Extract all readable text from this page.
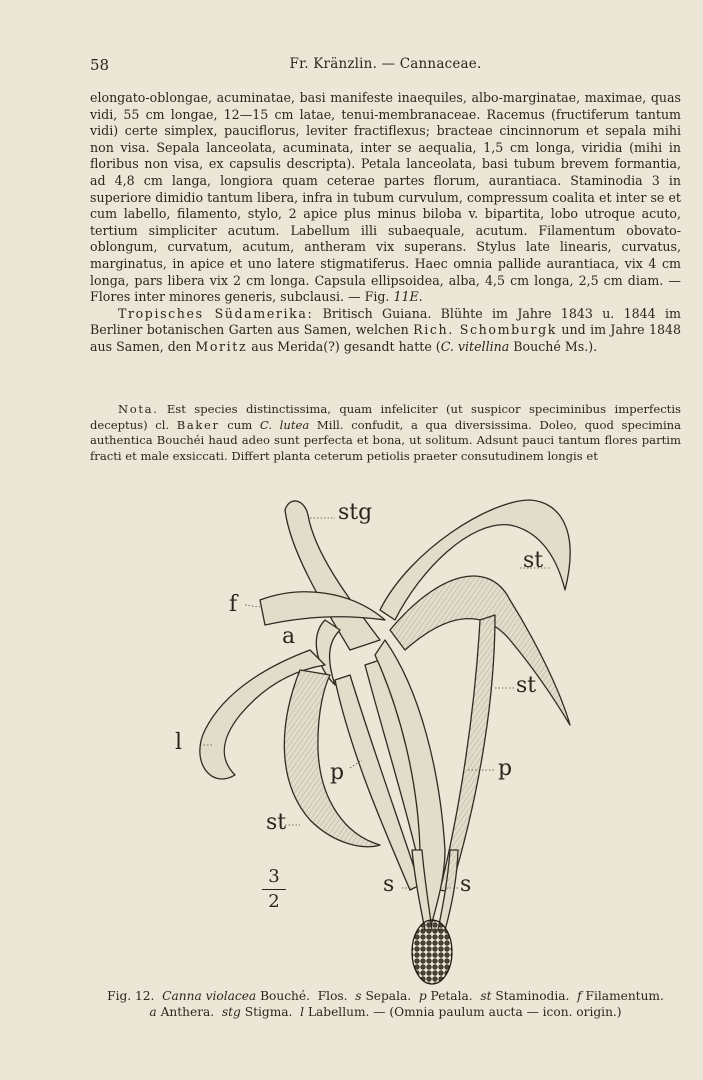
58	Fr. Kränzlin. — Cannaceae.

elongato-oblongae, acuminatae, basi manifeste inaequiles, albo-marginatae, maximae, quas vidi, 55 cm longae, 12—15 cm latae, tenui-membranaceae. Racemus (fructiferum tantum vidi) certe simplex, pauciflorus, leviter fractiflexus; bracteae cincinnorum et sepala mihi non visa. Sepala lanceolata, acuminata, inter se aequalia, 1,5 cm longa, viridia (mihi in floribus non visa, ex capsulis descripta). Petala lanceolata, basi tubum brevem formantia, ad 4,8 cm langa, longiora quam ceterae partes florum, aurantiaca. Staminodia 3 in superiore dimidio tantum libera, infra in tubum curvulum, compressum coalita et inter se et cum labello, filamento, stylo, 2 apice plus minus biloba v. bipartita, lobo utroque acuto, tertium simpliciter acutum. Labellum illi subaequale, acutum. Filamentum obovato-oblongum, curvatum, acutum, antheram vix superans. Stylus late linearis, curvatus, marginatus, in apice et uno latere stigmatiferus. Haec omnia pallide aurantiaca, vix 4 cm longa, pars libera vix 2 cm longa. Capsula ellipsoidea, alba, 4,5 cm longa, 2,5 cm diam. — Flores inter minores generis, subclausi. — Fig. 11E.

Tropisches Südamerika: Britisch Guiana. Blühte im Jahre 1843 u. 1844 im Berliner botanischen Garten aus Samen, welchen Rich. Schomburgk und im Jahre 1848 aus Samen, den Moritz aus Merida(?) gesandt hatte (C. vitellina Bouché Ms.).

Nota. Est species distinctissima, quam infeliciter (ut suspicor speciminibus imperfectis deceptus) cl. Baker cum C. lutea Mill. confudit, a qua diversissima. Doleo, quod specimina authentica Bouchéi haud adeo sunt perfecta et bona, ut solitum. Adsunt pauci tantum flores partim fracti et male exsiccati. Differt planta ceterum petiolis praeter consutudinem longis et

stg
st
f
a
st
l
p	p
st
s	s
3
2
Fig. 12. Canna violacea Bouché. Flos. s Sepala. p Petala. st Staminodia. f Filamentum.
a Anthera. stg Stigma. l Labellum. — (Omnia paulum aucta — icon. origin.)
